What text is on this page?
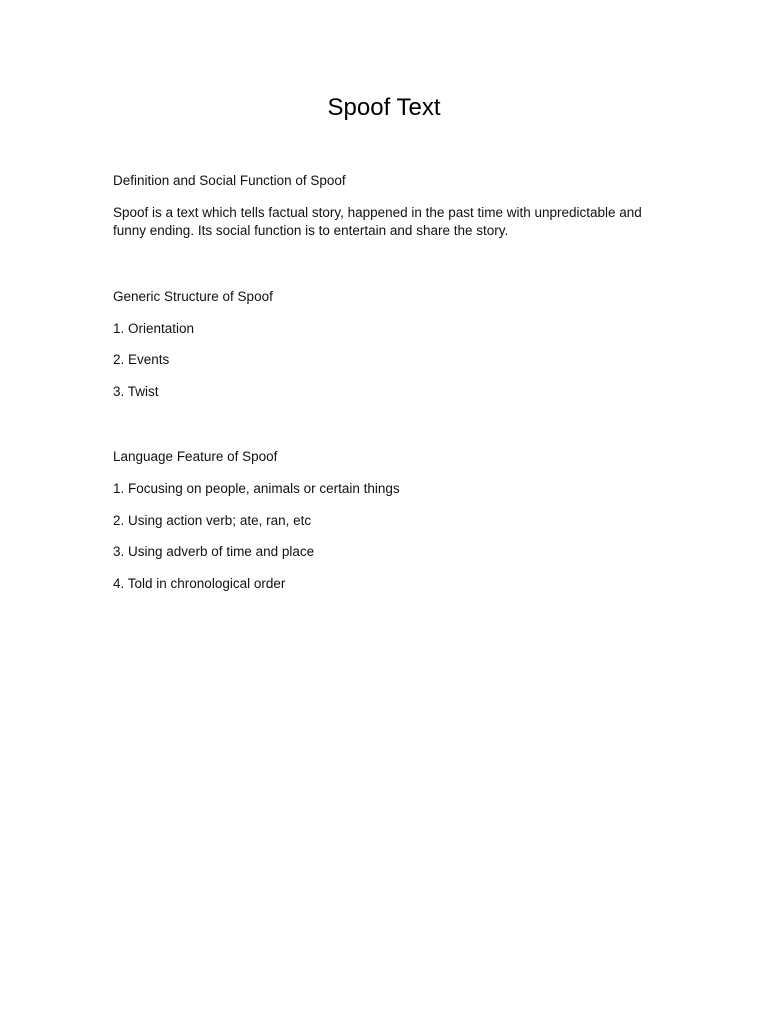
Spoof Text

Definition and Social Function of Spoof

Spoof is a text which tells factual story, happened in the past time with unpredictable and funny ending. Its social function is to entertain and share the story.

Generic Structure of Spoof

1. Orientation

2. Events

3. Twist

Language Feature of Spoof

1. Focusing on people, animals or certain things

2. Using action verb; ate, ran, etc

3. Using adverb of time and place

4. Told in chronological order
